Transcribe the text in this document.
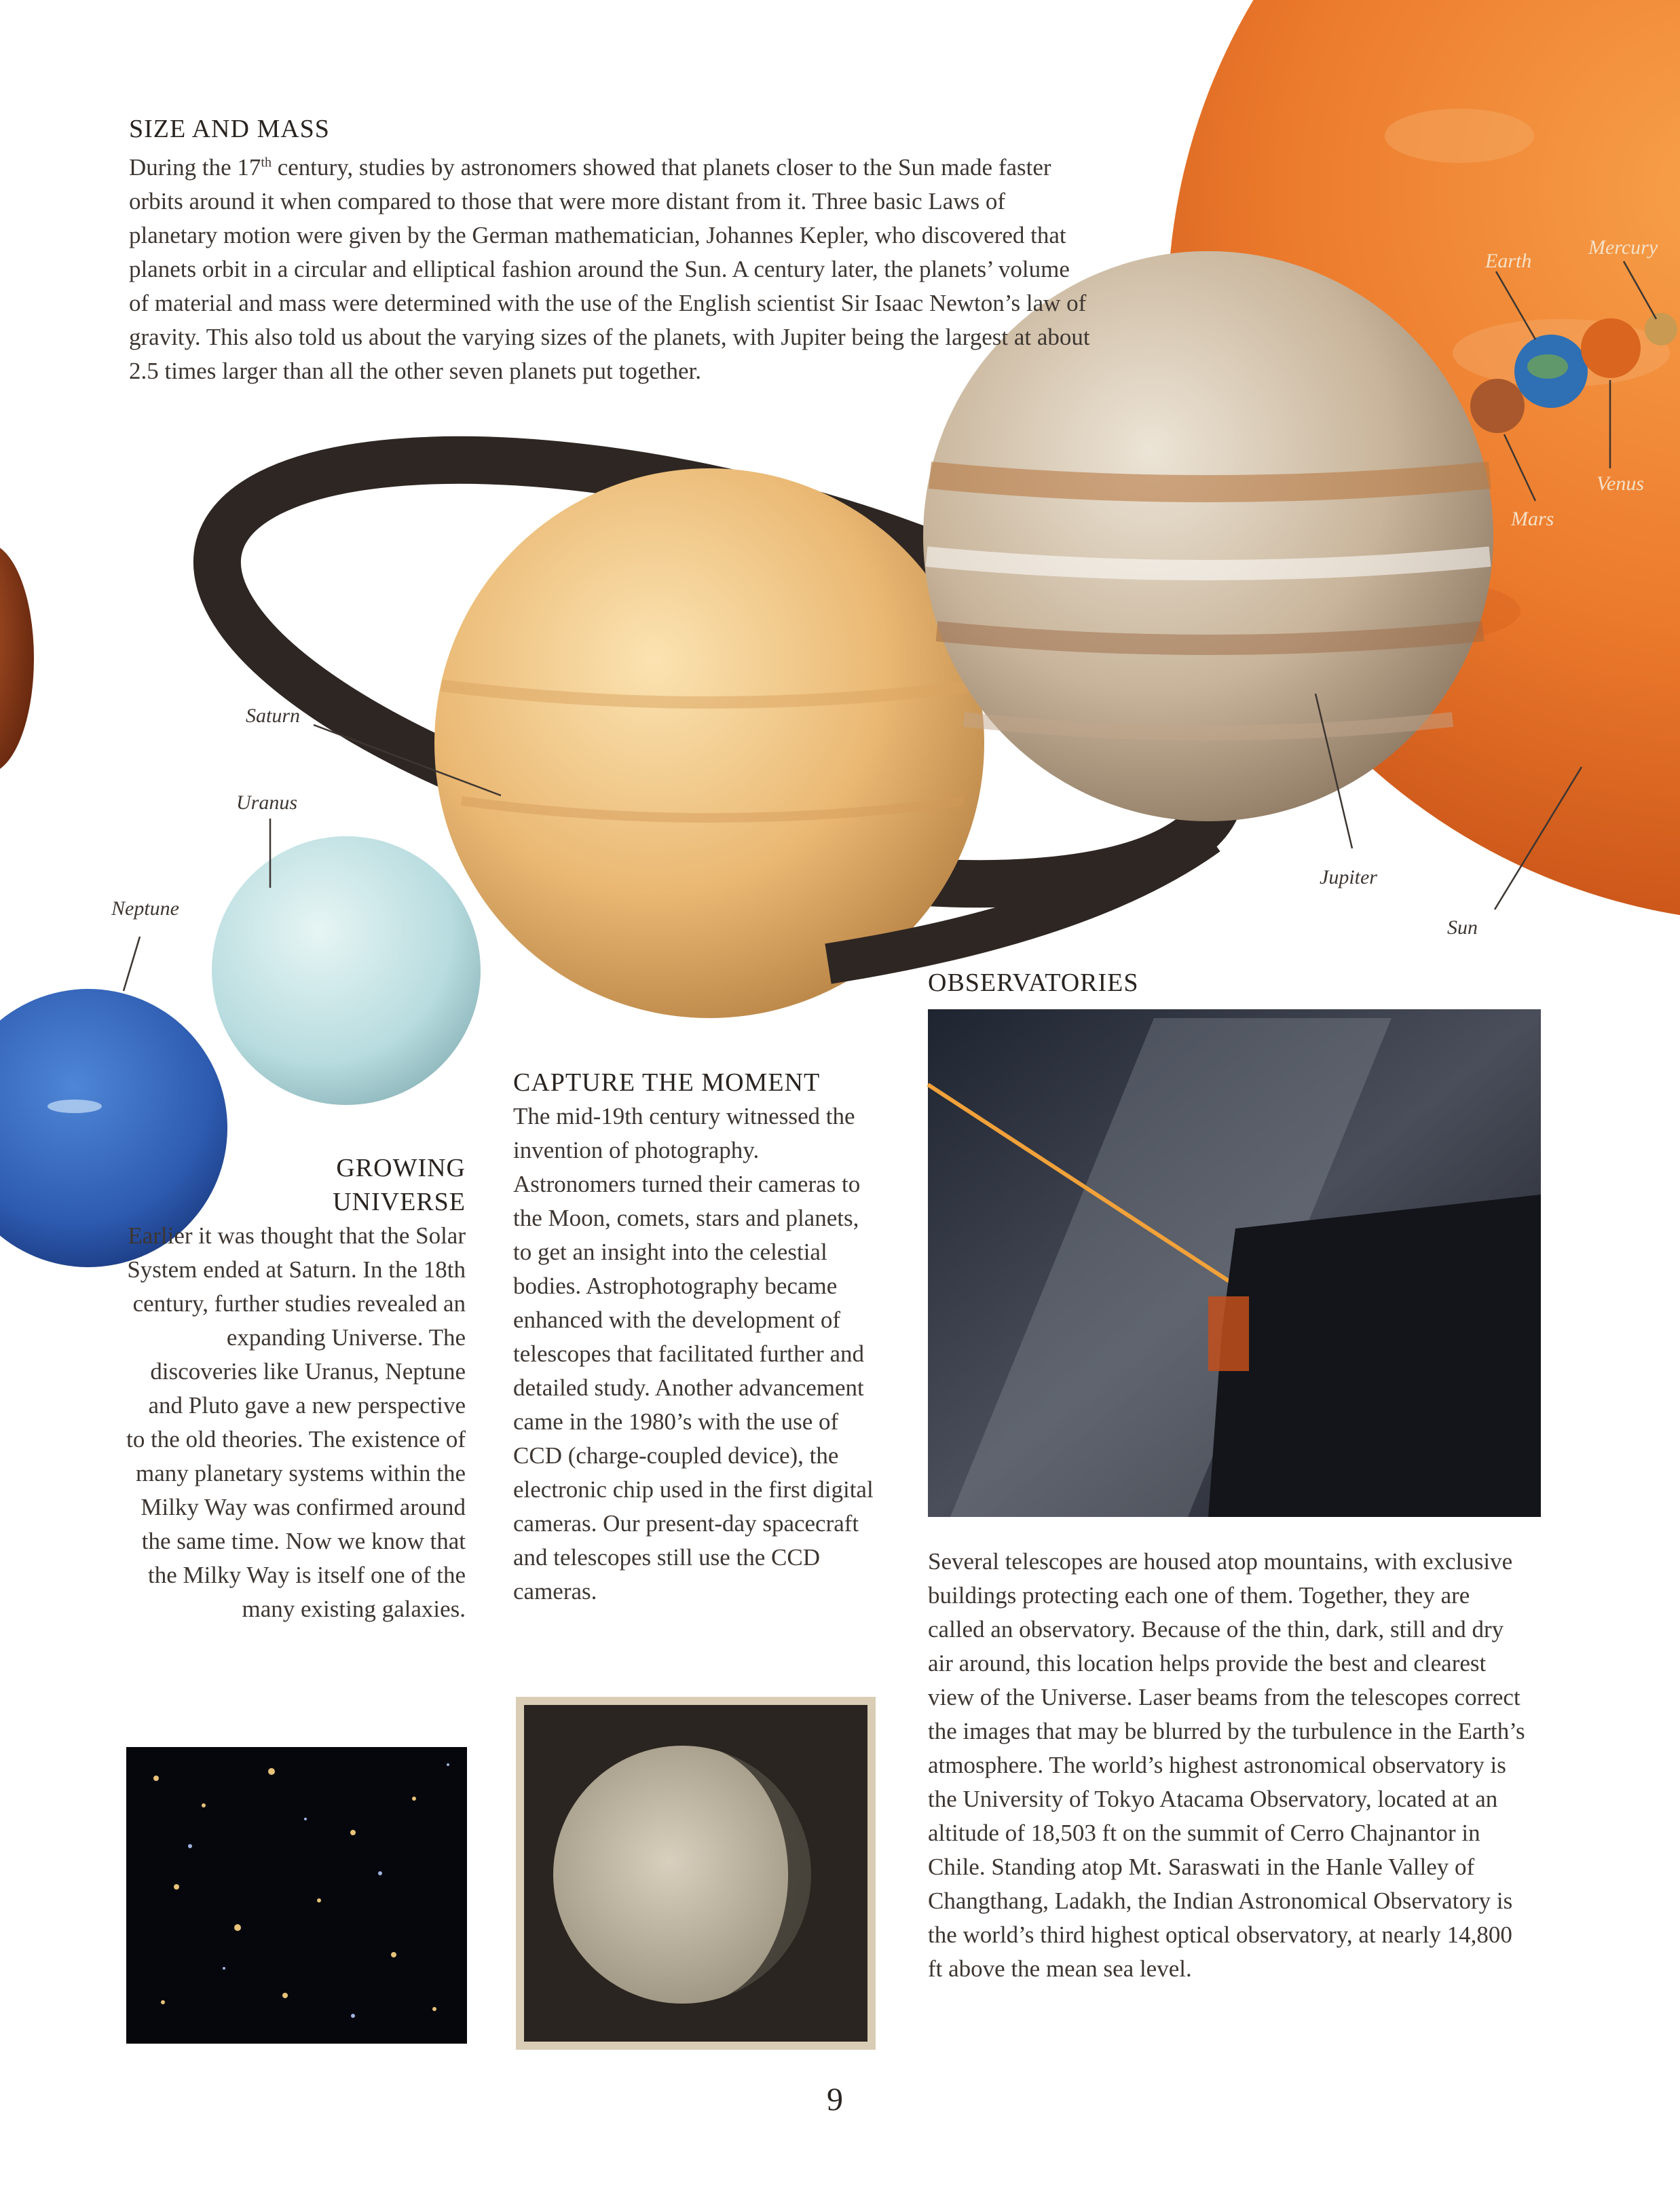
SIZE AND MASS

During the 17th century, studies by astronomers showed that planets closer to the Sun made faster orbits around it when compared to those that were more distant from it. Three basic Laws of planetary motion were given by the German mathematician, Johannes Kepler, who discovered that planets orbit in a circular and elliptical fashion around the Sun. A century later, the planets’ volume of material and mass were determined with the use of the English scientist Sir Isaac Newton’s law of gravity. This also told us about the varying sizes of the planets, with Jupiter being the largest at about 2.5 times larger than all the other seven planets put together.

Saturn
Uranus
Neptune
Jupiter
Sun
Earth
Mercury
Venus
Mars
GROWING
UNIVERSE

Earlier it was thought that the Solar System ended at Saturn. In the 18th century, further studies revealed an expanding Universe. The discoveries like Uranus, Neptune and Pluto gave a new perspective to the old theories. The existence of many planetary systems within the Milky Way was confirmed around the same time. Now we know that the Milky Way is itself one of the many existing galaxies.

CAPTURE THE MOMENT

The mid-19th century witnessed the invention of photography. Astronomers turned their cameras to the Moon, comets, stars and planets, to get an insight into the celestial bodies. Astrophotography became enhanced with the development of telescopes that facilitated further and detailed study. Another advancement came in the 1980’s with the use of CCD (charge-coupled device), the electronic chip used in the first digital cameras. Our present-day spacecraft and telescopes still use the CCD cameras.

OBSERVATORIES

Several telescopes are housed atop mountains, with exclusive buildings protecting each one of them. Together, they are called an observatory. Because of the thin, dark, still and dry air around, this location helps provide the best and clearest view of the Universe. Laser beams from the telescopes correct the images that may be blurred by the turbulence in the Earth’s atmosphere. The world’s highest astronomical observatory is the University of Tokyo Atacama Observatory, located at an altitude of 18,503 ft on the summit of Cerro Chajnantor in Chile. Standing atop Mt. Saraswati in the Hanle Valley of Changthang, Ladakh, the Indian Astronomical Observatory is the world’s third highest optical observatory, at nearly 14,800 ft above the mean sea level.

9
